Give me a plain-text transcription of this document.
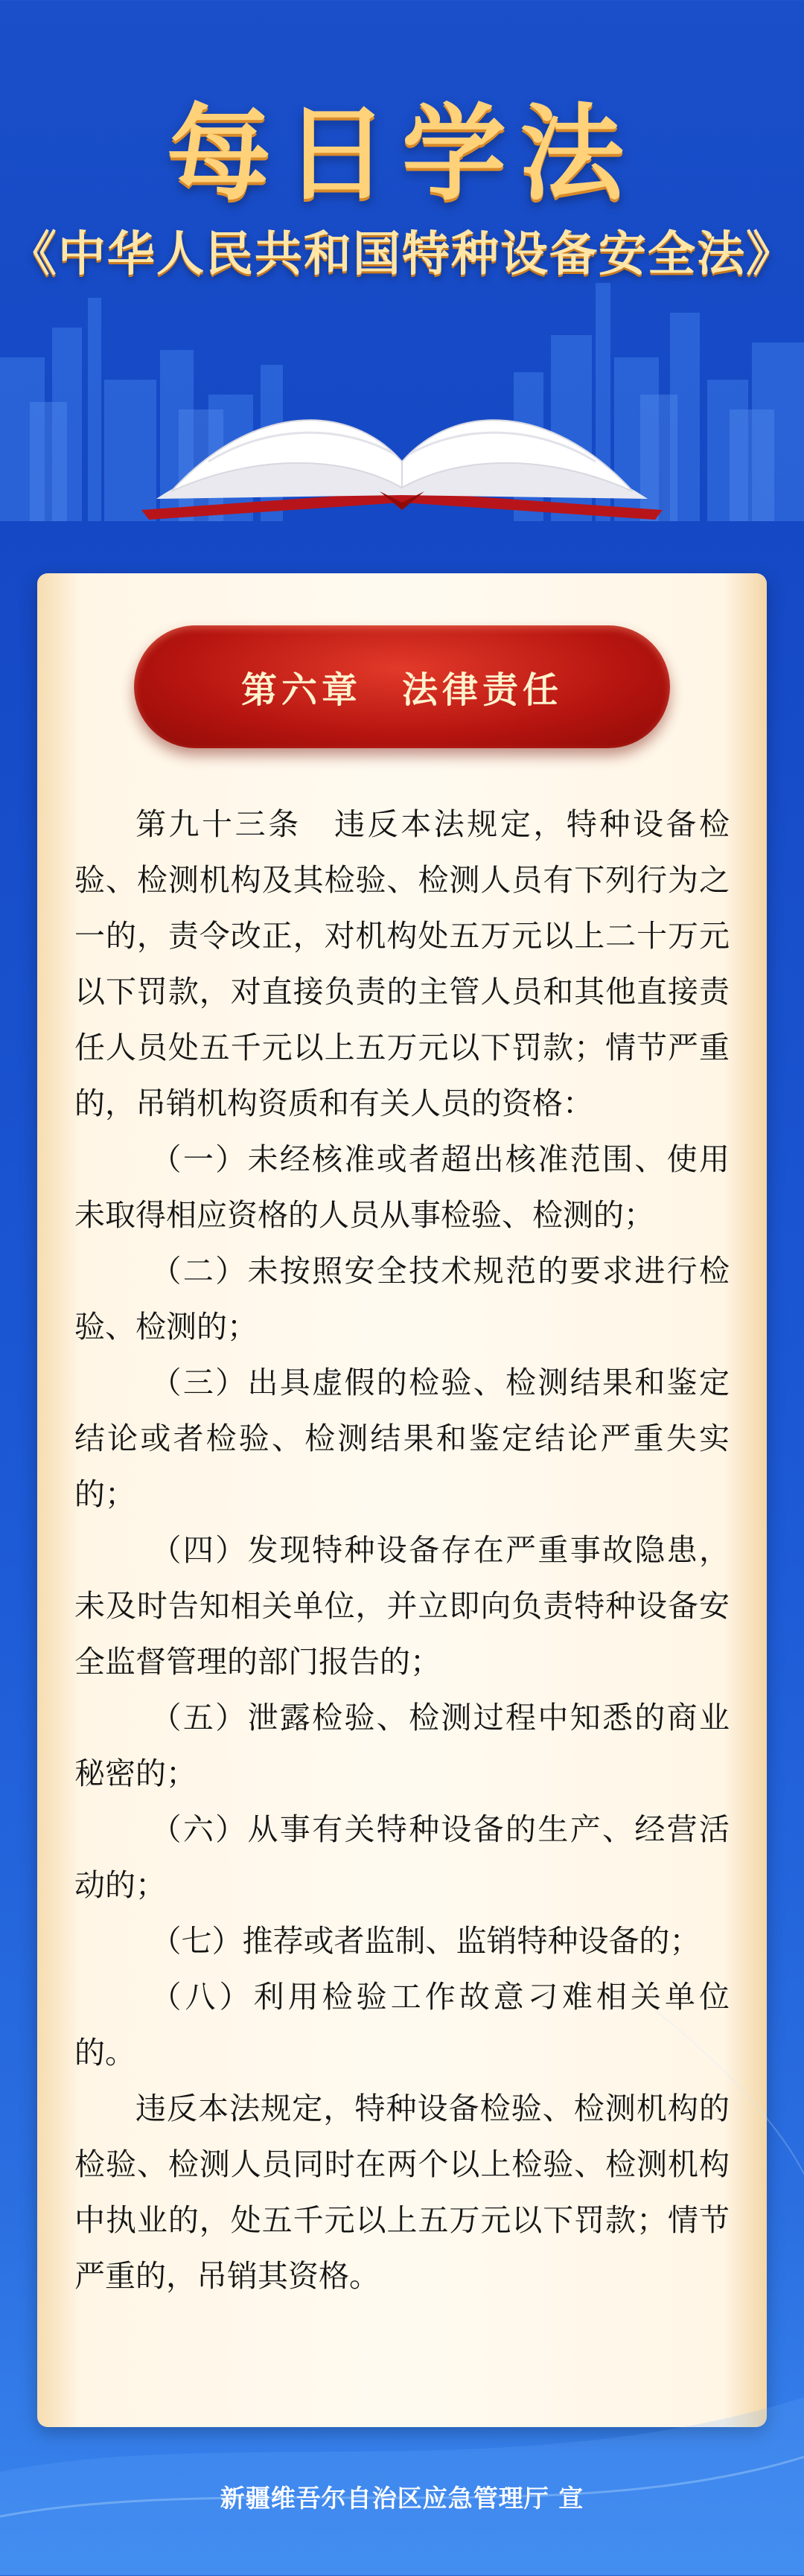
每日学法
《中华人民共和国特种设备安全法》
第六章　法律责任

第九十三条　违反本法规定，特种设备检验、检测机构及其检验、检测人员有下列行为之一的，责令改正，对机构处五万元以上二十万元以下罚款，对直接负责的主管人员和其他直接责任人员处五千元以上五万元以下罚款；情节严重的，吊销机构资质和有关人员的资格：

（一）未经核准或者超出核准范围、使用未取得相应资格的人员从事检验、检测的；

（二）未按照安全技术规范的要求进行检验、检测的；

（三）出具虚假的检验、检测结果和鉴定结论或者检验、检测结果和鉴定结论严重失实的；

（四）发现特种设备存在严重事故隐患，未及时告知相关单位，并立即向负责特种设备安全监督管理的部门报告的；

（五）泄露检验、检测过程中知悉的商业秘密的；

（六）从事有关特种设备的生产、经营活动的；

（七）推荐或者监制、监销特种设备的；

（八）利用检验工作故意刁难相关单位的。

违反本法规定，特种设备检验、检测机构的检验、检测人员同时在两个以上检验、检测机构中执业的，处五千元以上五万元以下罚款；情节严重的，吊销其资格。

新疆维吾尔自治区应急管理厅 宣
